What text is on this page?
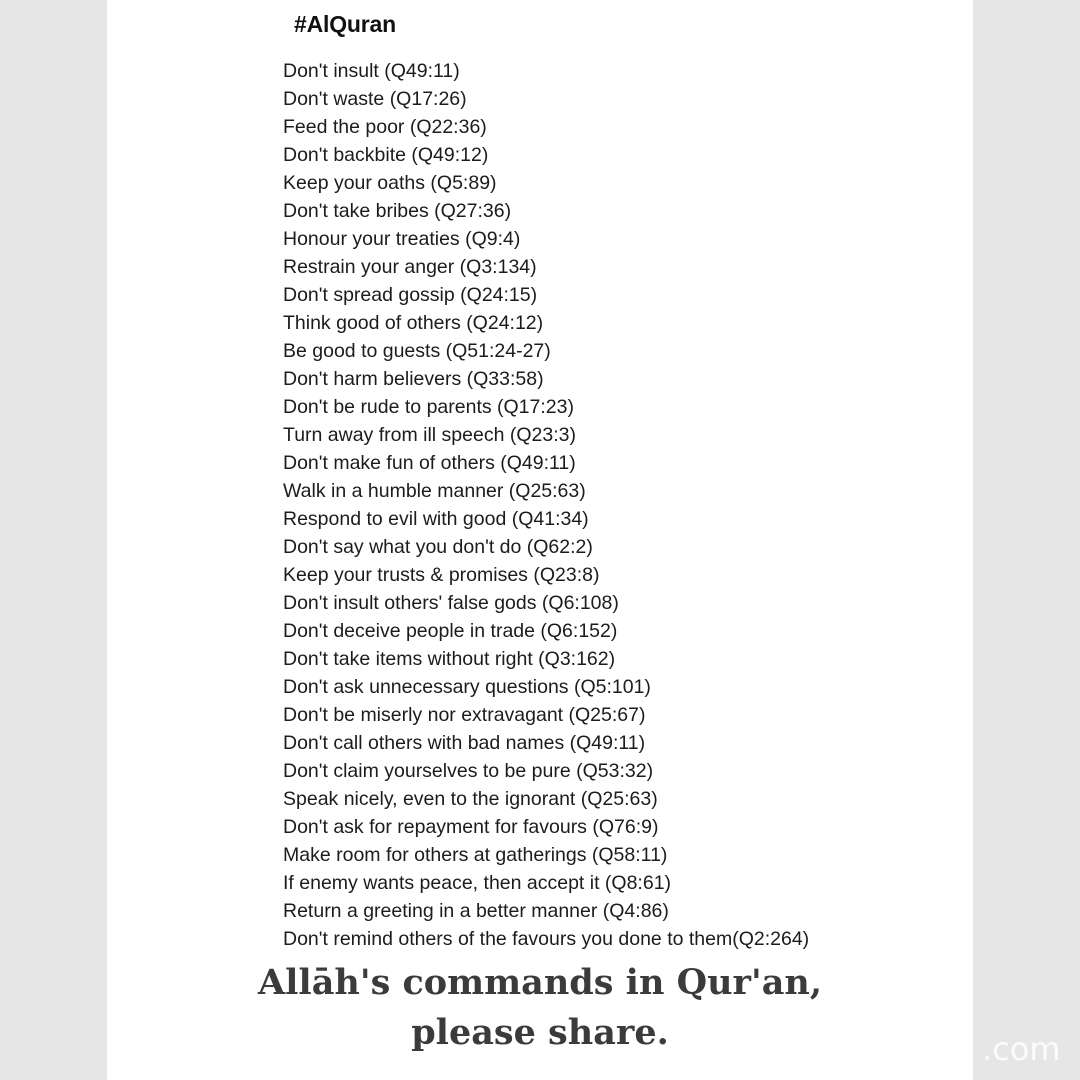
#AlQuran
Don't insult (Q49:11)
Don't waste (Q17:26)
Feed the poor (Q22:36)
Don't backbite (Q49:12)
Keep your oaths (Q5:89)
Don't take bribes (Q27:36)
Honour your treaties (Q9:4)
Restrain your anger (Q3:134)
Don't spread gossip (Q24:15)
Think good of others (Q24:12)
Be good to guests (Q51:24-27)
Don't harm believers (Q33:58)
Don't be rude to parents (Q17:23)
Turn away from ill speech (Q23:3)
Don't make fun of others (Q49:11)
Walk in a humble manner (Q25:63)
Respond to evil with good (Q41:34)
Don't say what you don't do (Q62:2)
Keep your trusts & promises (Q23:8)
Don't insult others' false gods (Q6:108)
Don't deceive people in trade (Q6:152)
Don't take items without right (Q3:162)
Don't ask unnecessary questions (Q5:101)
Don't be miserly nor extravagant (Q25:67)
Don't call others with bad names (Q49:11)
Don't claim yourselves to be pure (Q53:32)
Speak nicely, even to the ignorant (Q25:63)
Don't ask for repayment for favours (Q76:9)
Make room for others at gatherings (Q58:11)
If enemy wants peace, then accept it (Q8:61)
Return a greeting in a better manner (Q4:86)
Don't remind others of the favours you done to them(Q2:264)
Allāh's commands in Qur'an,
please share.	.com
